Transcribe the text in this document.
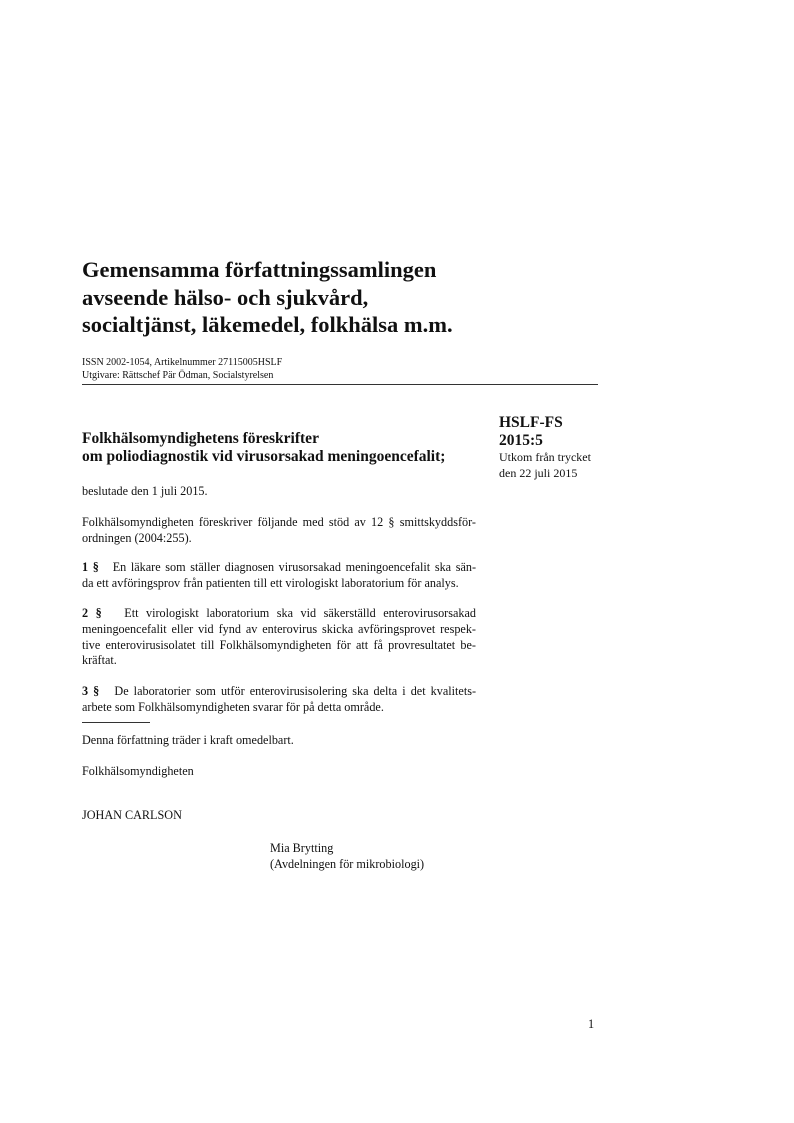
Gemensamma författningssamlingen
avseende hälso- och sjukvård,
socialtjänst, läkemedel, folkhälsa m.m.
ISSN 2002-1054, Artikelnummer 27115005HSLF
Utgivare: Rättschef Pär Ödman, Socialstyrelsen
HSLF-FS
2015:5
Utkom från trycket
den 22 juli 2015
Folkhälsomyndighetens föreskrifter
om poliodiagnostik vid virusorsakad meningoencefalit;
beslutade den 1 juli 2015.
Folkhälsomyndigheten föreskriver följande med stöd av 12 § smittskyddsför-
ordningen (2004:255).
1 § En läkare som ställer diagnosen virusorsakad meningoencefalit ska sän-
da ett avföringsprov från patienten till ett virologiskt laboratorium för analys.
2 § Ett virologiskt laboratorium ska vid säkerställd enterovirusorsakad
meningoencefalit eller vid fynd av enterovirus skicka avföringsprovet respek-
tive enterovirusisolatet till Folkhälsomyndigheten för att få provresultatet be-
kräftat.
3 § De laboratorier som utför enterovirusisolering ska delta i det kvalitets-
arbete som Folkhälsomyndigheten svarar för på detta område.
Denna författning träder i kraft omedelbart.
Folkhälsomyndigheten
JOHAN CARLSON
Mia Brytting
(Avdelningen för mikrobiologi)
1
